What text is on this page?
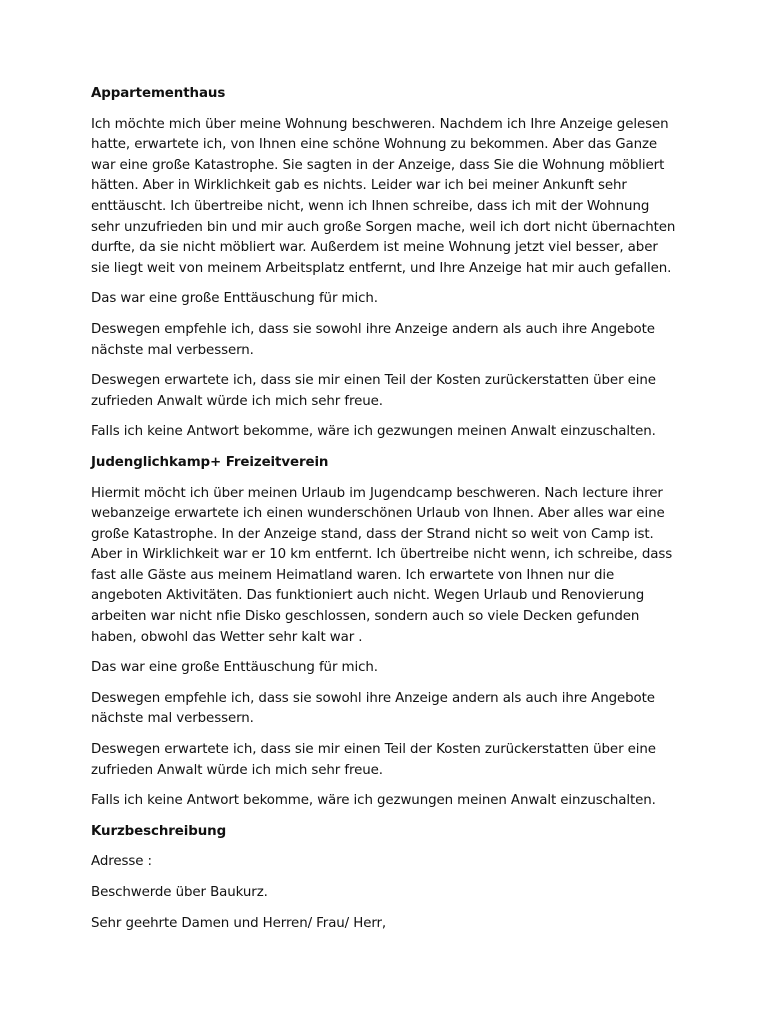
Appartementhaus
Ich möchte mich über meine Wohnung beschweren. Nachdem ich Ihre Anzeige gelesen
hatte, erwartete ich, von Ihnen eine schöne Wohnung zu bekommen. Aber das Ganze
war eine große Katastrophe. Sie sagten in der Anzeige, dass Sie die Wohnung möbliert
hätten. Aber in Wirklichkeit gab es nichts. Leider war ich bei meiner Ankunft sehr
enttäuscht. Ich übertreibe nicht, wenn ich Ihnen schreibe, dass ich mit der Wohnung
sehr unzufrieden bin und mir auch große Sorgen mache, weil ich dort nicht übernachten
durfte, da sie nicht möbliert war. Außerdem ist meine Wohnung jetzt viel besser, aber
sie liegt weit von meinem Arbeitsplatz entfernt, und Ihre Anzeige hat mir auch gefallen.
Das war eine große Enttäuschung für mich.
Deswegen empfehle ich, dass sie sowohl ihre Anzeige andern als auch ihre Angebote
nächste mal verbessern.
Deswegen erwartete ich, dass sie mir einen Teil der Kosten zurückerstatten über eine
zufrieden Anwalt würde ich mich sehr freue.
Falls ich keine Antwort bekomme, wäre ich gezwungen meinen Anwalt einzuschalten.
Judenglichkamp+ Freizeitverein
Hiermit möcht ich über meinen Urlaub im Jugendcamp beschweren. Nach lecture ihrer
webanzeige erwartete ich einen wunderschönen Urlaub von Ihnen. Aber alles war eine
große Katastrophe. In der Anzeige stand, dass der Strand nicht so weit von Camp ist.
Aber in Wirklichkeit war er 10 km entfernt. Ich übertreibe nicht wenn, ich schreibe, dass
fast alle Gäste aus meinem Heimatland waren. Ich erwartete von Ihnen nur die
angeboten Aktivitäten. Das funktioniert auch nicht. Wegen Urlaub und Renovierung
arbeiten war nicht nfie Disko geschlossen, sondern auch so viele Decken gefunden
haben, obwohl das Wetter sehr kalt war .
Das war eine große Enttäuschung für mich.
Deswegen empfehle ich, dass sie sowohl ihre Anzeige andern als auch ihre Angebote
nächste mal verbessern.
Deswegen erwartete ich, dass sie mir einen Teil der Kosten zurückerstatten über eine
zufrieden Anwalt würde ich mich sehr freue.
Falls ich keine Antwort bekomme, wäre ich gezwungen meinen Anwalt einzuschalten.
Kurzbeschreibung
Adresse :
Beschwerde über Baukurz.
Sehr geehrte Damen und Herren/ Frau/ Herr,
